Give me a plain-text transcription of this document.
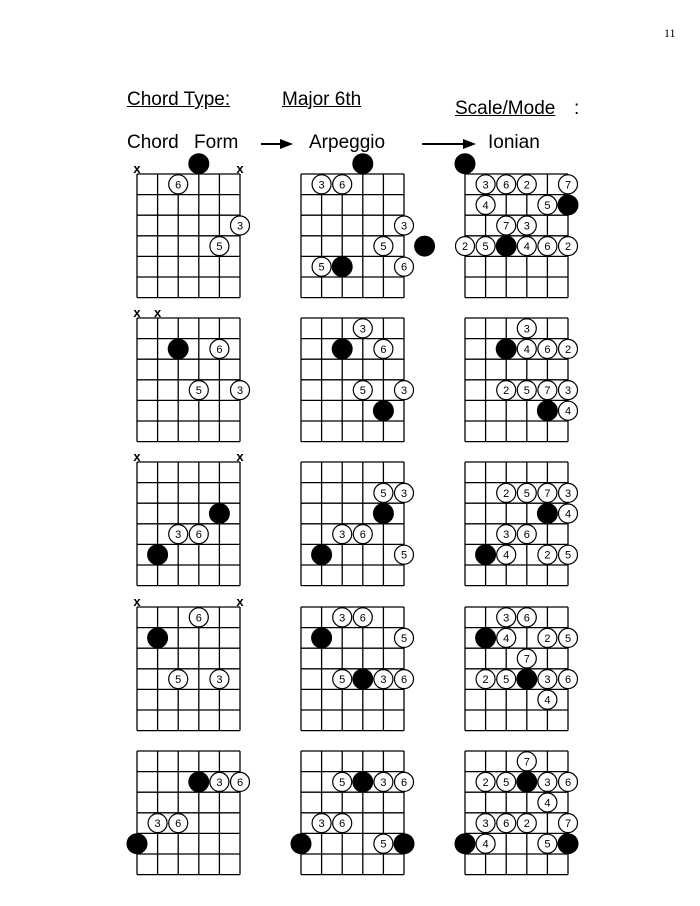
11
Chord Type:	Major 6th	Scale/Mode :
Chord Form	Arpeggio	Ionian
x	x
6
5
3
3 6
5
3
5	6
3 6 2	7
4	5
7 3
2 5	4 6 2
x x
6
5	3
3
6
5	3
3
4 6 2
2 5 7 3
4
x	x
3 6
5 3
3 6
5
2 5 7 3
4
3 6
4	2 5
x	x
6
5	3
3 6
5
5	3 6
3 6
4	2 5
7
2 5	3 6
4
3 6
3 6
5	3 6
3 6
5
7
2 5	3 6
4
3 6 2	7
4	5
